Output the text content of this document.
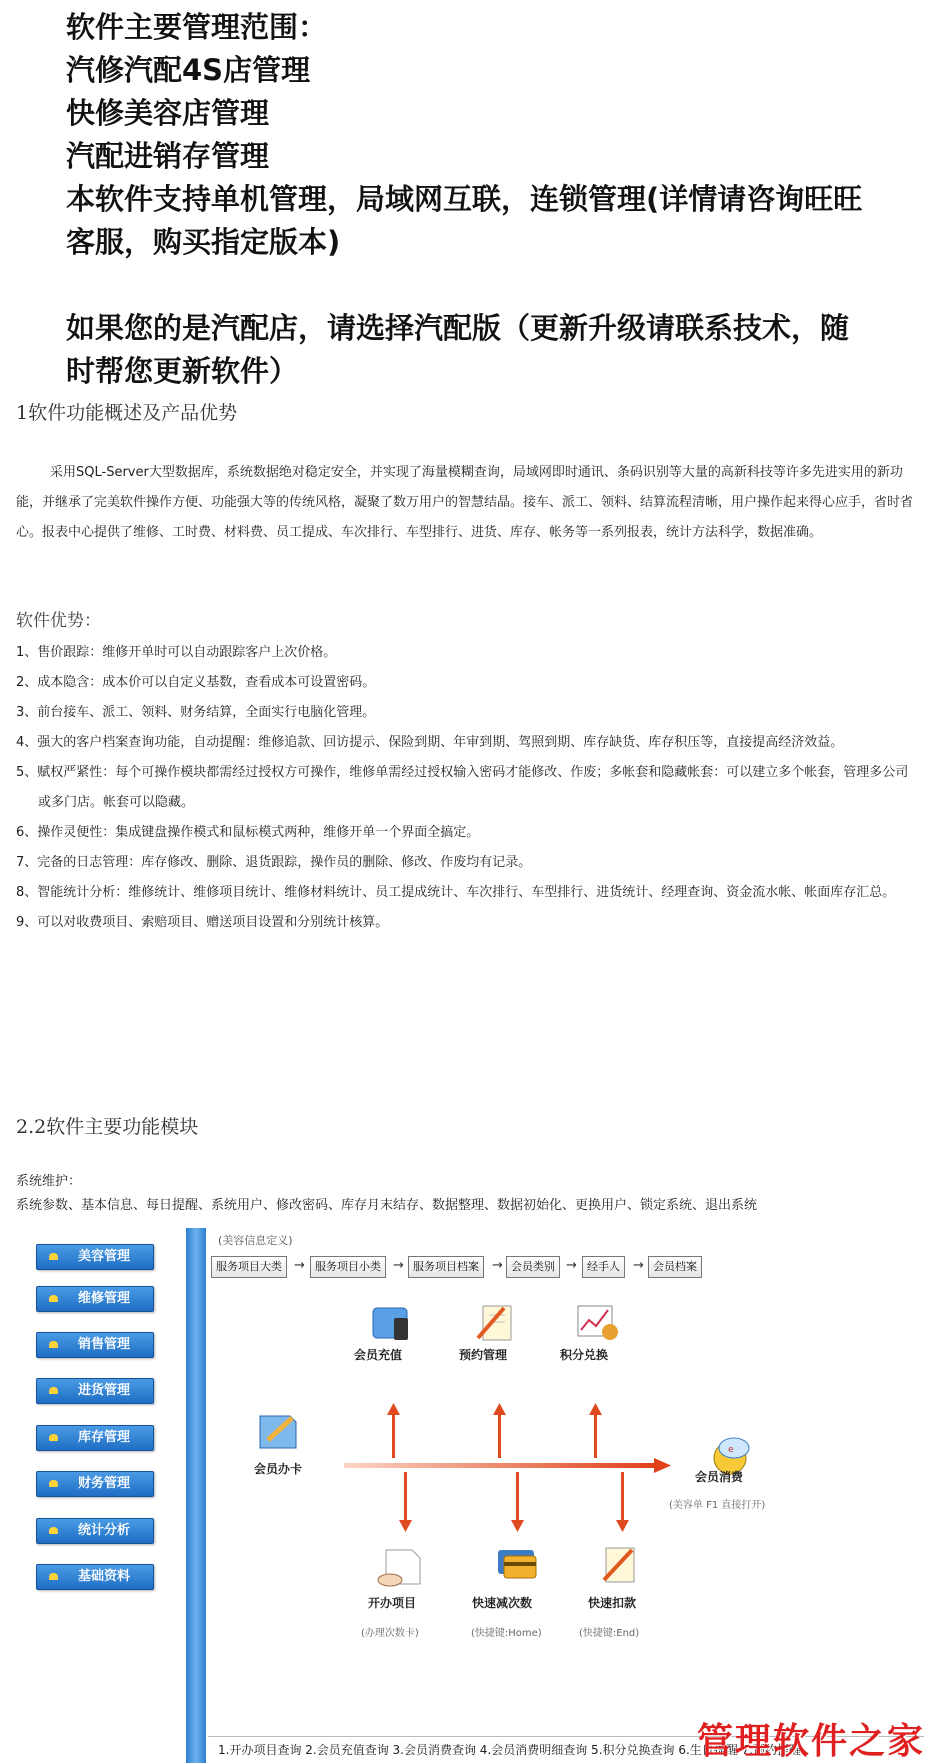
软件主要管理范围：

汽修汽配4S店管理

快修美容店管理

汽配进销存管理

本软件支持单机管理，局域网互联，连锁管理(详情请咨询旺旺

客服，购买指定版本)

如果您的是汽配店，请选择汽配版（更新升级请联系技术，随

时帮您更新软件）

1软件功能概述及产品优势
采用SQL-Server大型数据库，系统数据绝对稳定安全，并实现了海量模糊查询，局域网即时通讯、条码识别等大量的高新科技等许多先进实用的新功能，并继承了完美软件操作方便、功能强大等的传统风格，凝聚了数万用户的智慧结晶。接车、派工、领料、结算流程清晰，用户操作起来得心应手，省时省心。报表中心提供了维修、工时费、材料费、员工提成、车次排行、车型排行、进货、库存、帐务等一系列报表，统计方法科学，数据准确。
软件优势：
1、售价跟踪：维修开单时可以自动跟踪客户上次价格。
2、成本隐含：成本价可以自定义基数，查看成本可设置密码。
3、前台接车、派工、领料、财务结算，全面实行电脑化管理。
4、强大的客户档案查询功能，自动提醒：维修追款、回访提示、保险到期、年审到期、驾照到期、库存缺货、库存积压等，直接提高经济效益。
5、赋权严紧性：每个可操作模块都需经过授权方可操作，维修单需经过授权输入密码才能修改、作废；多帐套和隐藏帐套：可以建立多个帐套，管理多公司或多门店。帐套可以隐藏。
6、操作灵便性：集成键盘操作模式和鼠标模式两种，维修开单一个界面全搞定。
7、完备的日志管理：库存修改、删除、退货跟踪，操作员的删除、修改、作废均有记录。
8、智能统计分析：维修统计、维修项目统计、维修材料统计、员工提成统计、车次排行、车型排行、进货统计、经理查询、资金流水帐、帐面库存汇总。
9、可以对收费项目、索赔项目、赠送项目设置和分别统计核算。
2.2软件主要功能模块
系统维护：
系统参数、基本信息、每日提醒、系统用户、修改密码、库存月末结存、数据整理、数据初始化、更换用户、锁定系统、退出系统
美容管理
维修管理
销售管理
进货管理
库存管理
财务管理
统计分析
基础资料
(美容信息定义)
服务项目大类 → 服务项目小类 → 服务项目档案	→ 会员类别 → 经手人	→ 会员档案
e
会员充值	预约管理	积分兑换
会员办卡
会员消费
(美容单 F1 直接打开)
开办项目
(办理次数卡)
快速减次数
(快捷键:Home)
快速扣款
(快捷键:End)
1.开办项目查询 2.会员充值查询 3.会员消费查询 4.会员消费明细查询 5.积分兑换查询 6.生日提醒 7.预约提醒
管理软件之家
